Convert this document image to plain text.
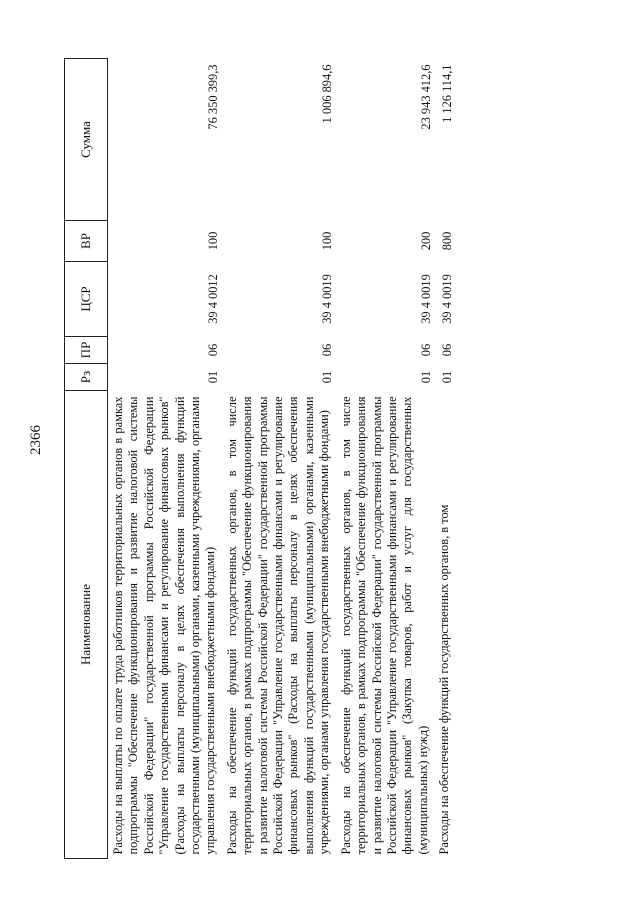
2366
Наименование	Рз	ПР	ЦСР	ВР	Сумма
Расходы на выплаты по оплате труда работников территориальных органов в рамках подпрограммы "Обеспечение функционирования и развитие налоговой системы Российской Федерации" государственной программы Российской Федерации "Управление государственными финансами и регулирование финансовых рынков" (Расходы на выплаты персоналу в целях обеспечения выполнения функций государственными (муниципальными) органами, казенными учреждениями, органами управления государственными внебюджетными фондами)	01	06	39 4 0012	100	76 350 399,3
Расходы на обеспечение функций государственных органов, в том числе территориальных органов, в рамках подпрограммы "Обеспечение функционирования и развитие налоговой системы Российской Федерации" государственной программы Российской Федерации "Управление государственными финансами и регулирование финансовых рынков" (Расходы на выплаты персоналу в целях обеспечения выполнения функций государственными (муниципальными) органами, казенными учреждениями, органами управления государственными внебюджетными фондами)	01	06	39 4 0019	100	1 006 894,6
Расходы на обеспечение функций государственных органов, в том числе территориальных органов, в рамках подпрограммы "Обеспечение функционирования и развитие налоговой системы Российской Федерации" государственной программы Российской Федерации "Управление государственными финансами и регулирование финансовых рынков" (Закупка товаров, работ и услуг для государственных (муниципальных) нужд)	01	06	39 4 0019	200	23 943 412,6
Расходы на обеспечение функций государственных органов, в том	01	06	39 4 0019	800	1 126 114,1
